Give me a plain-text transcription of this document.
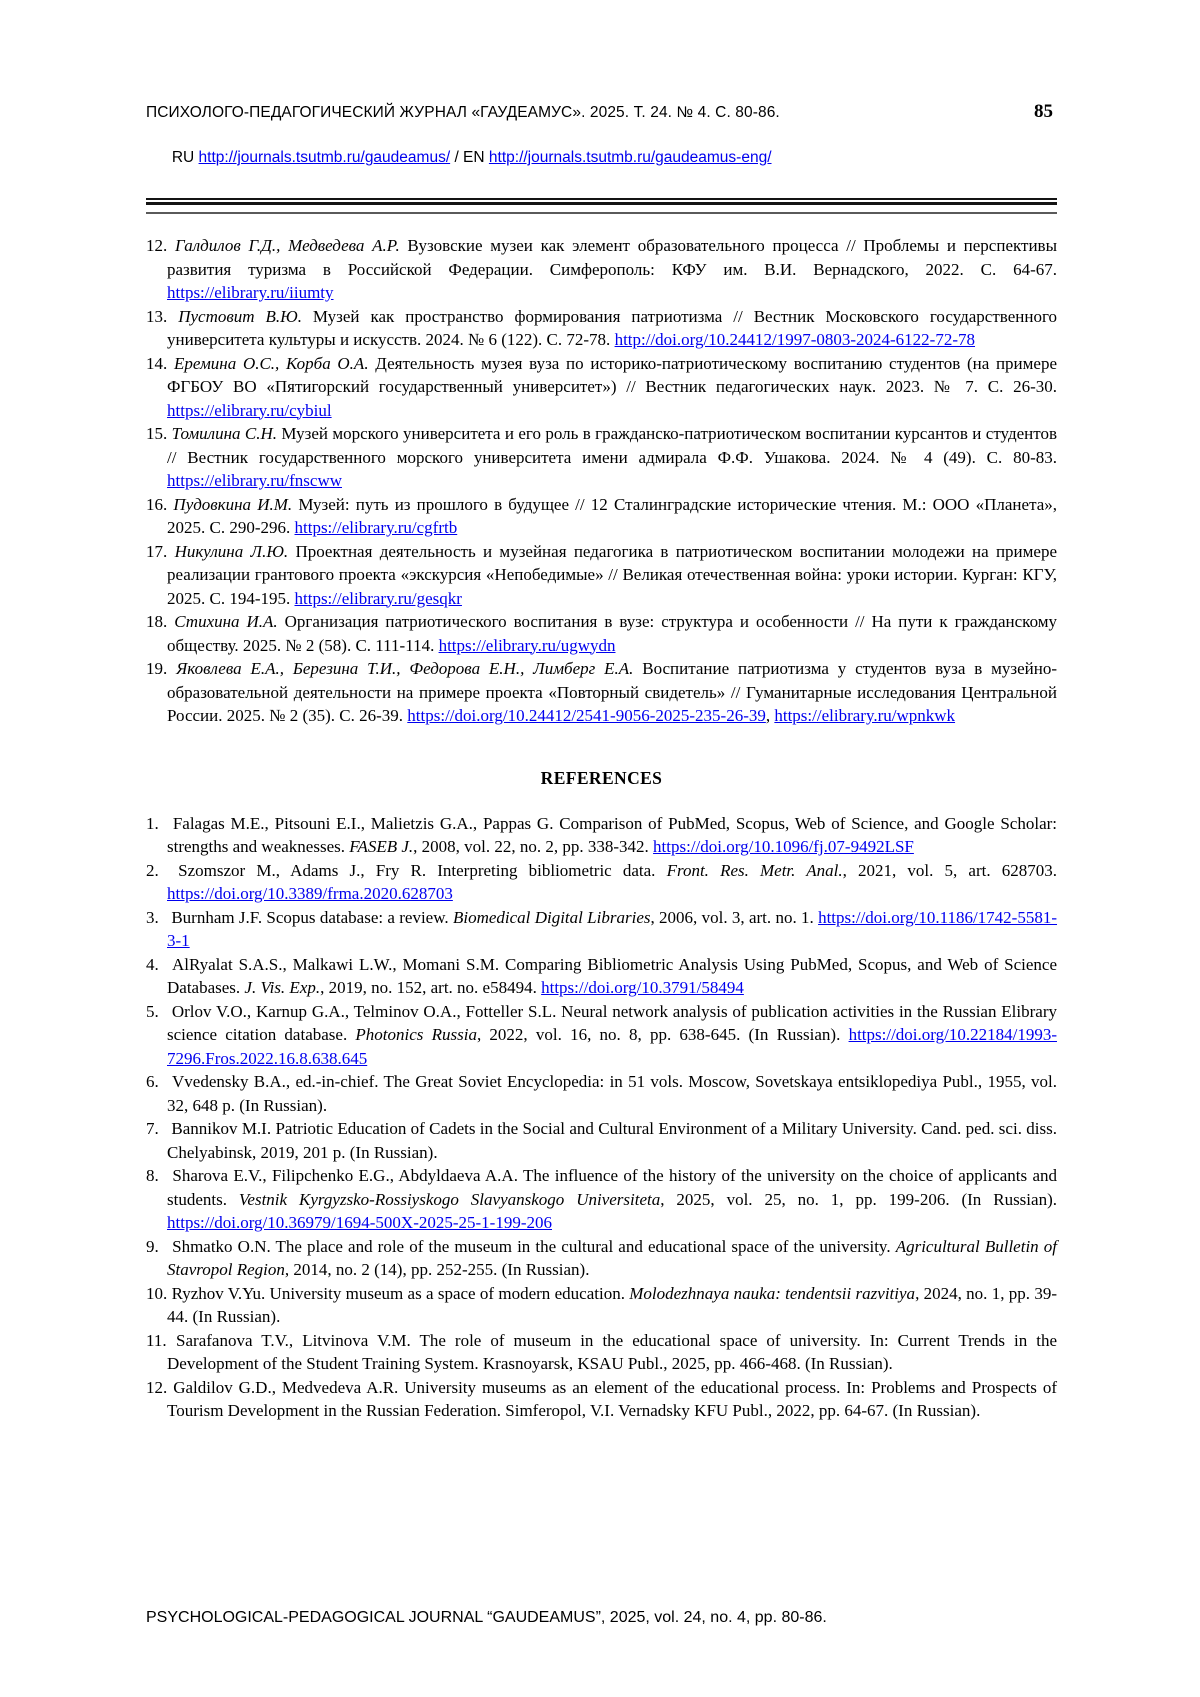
ПСИХОЛОГО-ПЕДАГОГИЧЕСКИЙ ЖУРНАЛ «ГАУДЕАМУС». 2025. Т. 24. № 4. С. 80-86.	85

RU http://journals.tsutmb.ru/gaudeamus/ / EN http://journals.tsutmb.ru/gaudeamus-eng/

12. Галдилов Г.Д., Медведева А.Р. Вузовские музеи как элемент образовательного процесса // Проблемы и перспективы развития туризма в Российской Федерации. Симферополь: КФУ им. В.И. Вернадского, 2022. С. 64-67. https://elibrary.ru/iiumty
13. Пустовит В.Ю. Музей как пространство формирования патриотизма // Вестник Московского государственного университета культуры и искусств. 2024. № 6 (122). С. 72-78. http://doi.org/10.24412/1997-0803-2024-6122-72-78
14. Еремина О.С., Корба О.А. Деятельность музея вуза по историко-патриотическому воспитанию студентов (на примере ФГБОУ ВО «Пятигорский государственный университет») // Вестник педагогических наук. 2023. № 7. С. 26-30. https://elibrary.ru/cybiul
15. Томилина С.Н. Музей морского университета и его роль в гражданско-патриотическом воспитании курсантов и студентов // Вестник государственного морского университета имени адмирала Ф.Ф. Ушакова. 2024. № 4 (49). С. 80-83. https://elibrary.ru/fnscww
16. Пудовкина И.М. Музей: путь из прошлого в будущее // 12 Сталинградские исторические чтения. М.: ООО «Планета», 2025. С. 290-296. https://elibrary.ru/cgfrtb
17. Никулина Л.Ю. Проектная деятельность и музейная педагогика в патриотическом воспитании молодежи на примере реализации грантового проекта «экскурсия «Непобедимые» // Великая отечественная война: уроки истории. Курган: КГУ, 2025. С. 194-195. https://elibrary.ru/gesqkr
18. Стихина И.А. Организация патриотического воспитания в вузе: структура и особенности // На пути к гражданскому обществу. 2025. № 2 (58). С. 111-114. https://elibrary.ru/ugwydn
19. Яковлева Е.А., Березина Т.И., Федорова Е.Н., Лимберг Е.А. Воспитание патриотизма у студентов вуза в музейно-образовательной деятельности на примере проекта «Повторный свидетель» // Гуманитарные исследования Центральной России. 2025. № 2 (35). С. 26-39. https://doi.org/10.24412/2541-9056-2025-235-26-39, https://elibrary.ru/wpnkwk
REFERENCES
1. Falagas M.E., Pitsouni E.I., Malietzis G.A., Pappas G. Comparison of PubMed, Scopus, Web of Science, and Google Scholar: strengths and weaknesses. FASEB J., 2008, vol. 22, no. 2, pp. 338-342. https://doi.org/10.1096/fj.07-9492LSF
2. Szomszor M., Adams J., Fry R. Interpreting bibliometric data. Front. Res. Metr. Anal., 2021, vol. 5, art. 628703. https://doi.org/10.3389/frma.2020.628703
3. Burnham J.F. Scopus database: a review. Biomedical Digital Libraries, 2006, vol. 3, art. no. 1. https://doi.org/10.1186/1742-5581-3-1
4. AlRyalat S.A.S., Malkawi L.W., Momani S.M. Comparing Bibliometric Analysis Using PubMed, Scopus, and Web of Science Databases. J. Vis. Exp., 2019, no. 152, art. no. e58494. https://doi.org/10.3791/58494
5. Orlov V.O., Karnup G.A., Telminov O.A., Fotteller S.L. Neural network analysis of publication activities in the Russian Elibrary science citation database. Photonics Russia, 2022, vol. 16, no. 8, pp. 638-645. (In Russian). https://doi.org/10.22184/1993-7296.Fros.2022.16.8.638.645
6. Vvedensky B.A., ed.-in-chief. The Great Soviet Encyclopedia: in 51 vols. Moscow, Sovetskaya entsiklopediya Publ., 1955, vol. 32, 648 p. (In Russian).
7. Bannikov M.I. Patriotic Education of Cadets in the Social and Cultural Environment of a Military University. Cand. ped. sci. diss. Chelyabinsk, 2019, 201 p. (In Russian).
8. Sharova E.V., Filipchenko E.G., Abdyldaeva A.A. The influence of the history of the university on the choice of applicants and students. Vestnik Kyrgyzsko-Rossiyskogo Slavyanskogo Universiteta, 2025, vol. 25, no. 1, pp. 199-206. (In Russian). https://doi.org/10.36979/1694-500X-2025-25-1-199-206
9. Shmatko O.N. The place and role of the museum in the cultural and educational space of the university. Agricultural Bulletin of Stavropol Region, 2014, no. 2 (14), pp. 252-255. (In Russian).
10. Ryzhov V.Yu. University museum as a space of modern education. Molodezhnaya nauka: tendentsii razvitiya, 2024, no. 1, pp. 39-44. (In Russian).
11. Sarafanova T.V., Litvinova V.M. The role of museum in the educational space of university. In: Current Trends in the Development of the Student Training System. Krasnoyarsk, KSAU Publ., 2025, pp. 466-468. (In Russian).
12. Galdilov G.D., Medvedeva A.R. University museums as an element of the educational process. In: Problems and Prospects of Tourism Development in the Russian Federation. Simferopol, V.I. Vernadsky KFU Publ., 2022, pp. 64-67. (In Russian).
PSYCHOLOGICAL-PEDAGOGICAL JOURNAL “GAUDEAMUS”, 2025, vol. 24, no. 4, pp. 80-86.
